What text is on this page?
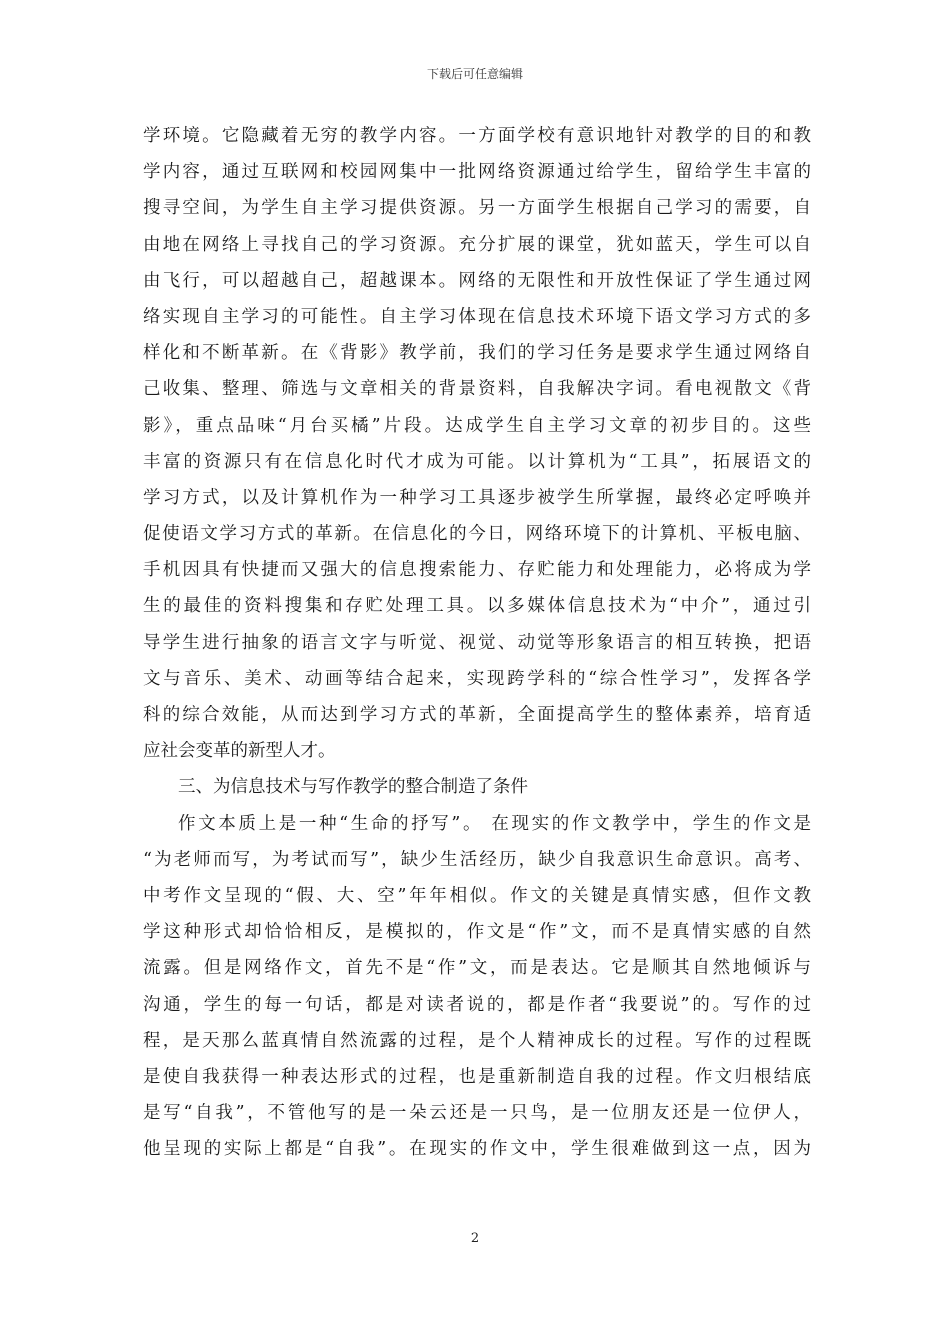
下载后可任意编辑
学环境。它隐藏着无穷的教学内容。一方面学校有意识地针对教学的目的和教
学内容，通过互联网和校园网集中一批网络资源通过给学生，留给学生丰富的
搜寻空间，为学生自主学习提供资源。另一方面学生根据自己学习的需要，自
由地在网络上寻找自己的学习资源。充分扩展的课堂，犹如蓝天，学生可以自
由飞行，可以超越自己，超越课本。网络的无限性和开放性保证了学生通过网
络实现自主学习的可能性。自主学习体现在信息技术环境下语文学习方式的多
样化和不断革新。在《背影》教学前，我们的学习任务是要求学生通过网络自
己收集、整理、筛选与文章相关的背景资料，自我解决字词。看电视散文《背
影》，重点品味“月台买橘”片段。达成学生自主学习文章的初步目的。这些
丰富的资源只有在信息化时代才成为可能。以计算机为“工具”，拓展语文的
学习方式，以及计算机作为一种学习工具逐步被学生所掌握，最终必定呼唤并
促使语文学习方式的革新。在信息化的今日，网络环境下的计算机、平板电脑、
手机因具有快捷而又强大的信息搜索能力、存贮能力和处理能力，必将成为学
生的最佳的资料搜集和存贮处理工具。以多媒体信息技术为“中介”，通过引
导学生进行抽象的语言文字与听觉、视觉、动觉等形象语言的相互转换，把语
文与音乐、美术、动画等结合起来，实现跨学科的“综合性学习”，发挥各学
科的综合效能，从而达到学习方式的革新，全面提高学生的整体素养，培育适
应社会变革的新型人才。
三、为信息技术与写作教学的整合制造了条件
作文本质上是一种“生命的抒写”。 在现实的作文教学中，学生的作文是
“为老师而写，为考试而写”，缺少生活经历，缺少自我意识生命意识。高考、
中考作文呈现的“假、大、空”年年相似。作文的关键是真情实感，但作文教
学这种形式却恰恰相反，是模拟的，作文是“作”文，而不是真情实感的自然
流露。但是网络作文，首先不是“作”文，而是表达。它是顺其自然地倾诉与
沟通，学生的每一句话，都是对读者说的，都是作者“我要说”的。写作的过
程，是天那么蓝真情自然流露的过程，是个人精神成长的过程。写作的过程既
是使自我获得一种表达形式的过程，也是重新制造自我的过程。作文归根结底
是写“自我”，不管他写的是一朵云还是一只鸟，是一位朋友还是一位伊人，
他呈现的实际上都是“自我”。在现实的作文中，学生很难做到这一点，因为
2
